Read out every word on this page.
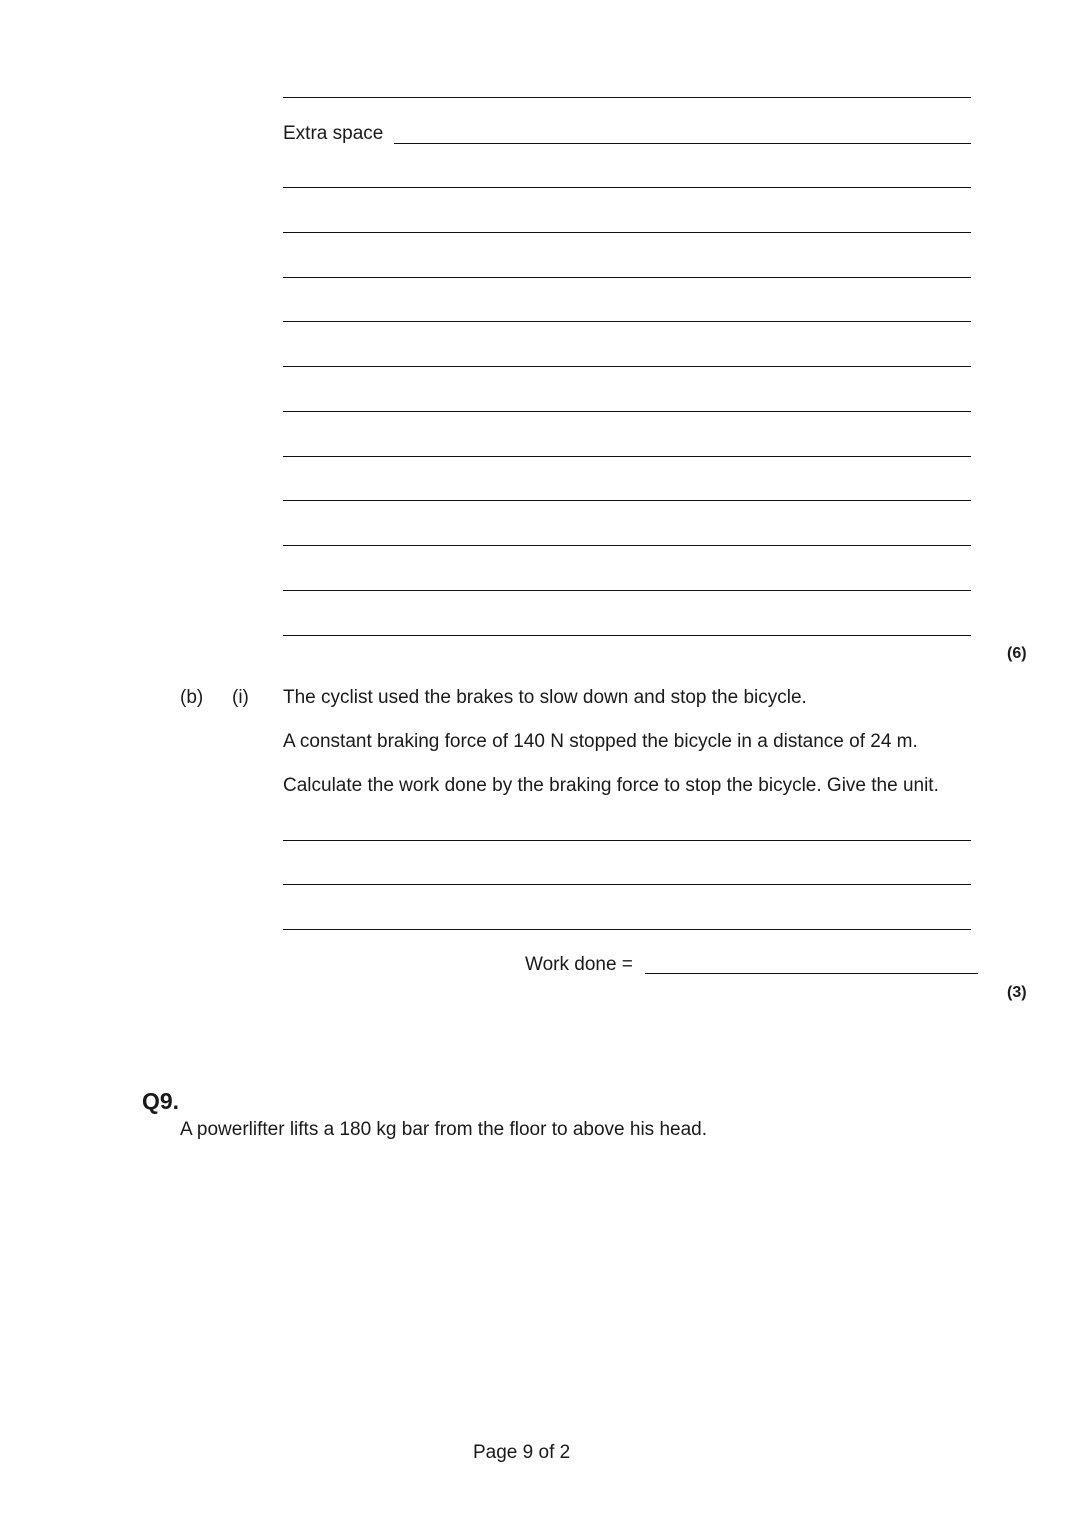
Extra space
(6)
(b) (i) The cyclist used the brakes to slow down and stop the bicycle.
A constant braking force of 140 N stopped the bicycle in a distance of 24 m.
Calculate the work done by the braking force to stop the bicycle. Give the unit.
Work done =
(3)
Q9.
A powerlifter lifts a 180 kg bar from the floor to above his head.
Page 9 of 2
